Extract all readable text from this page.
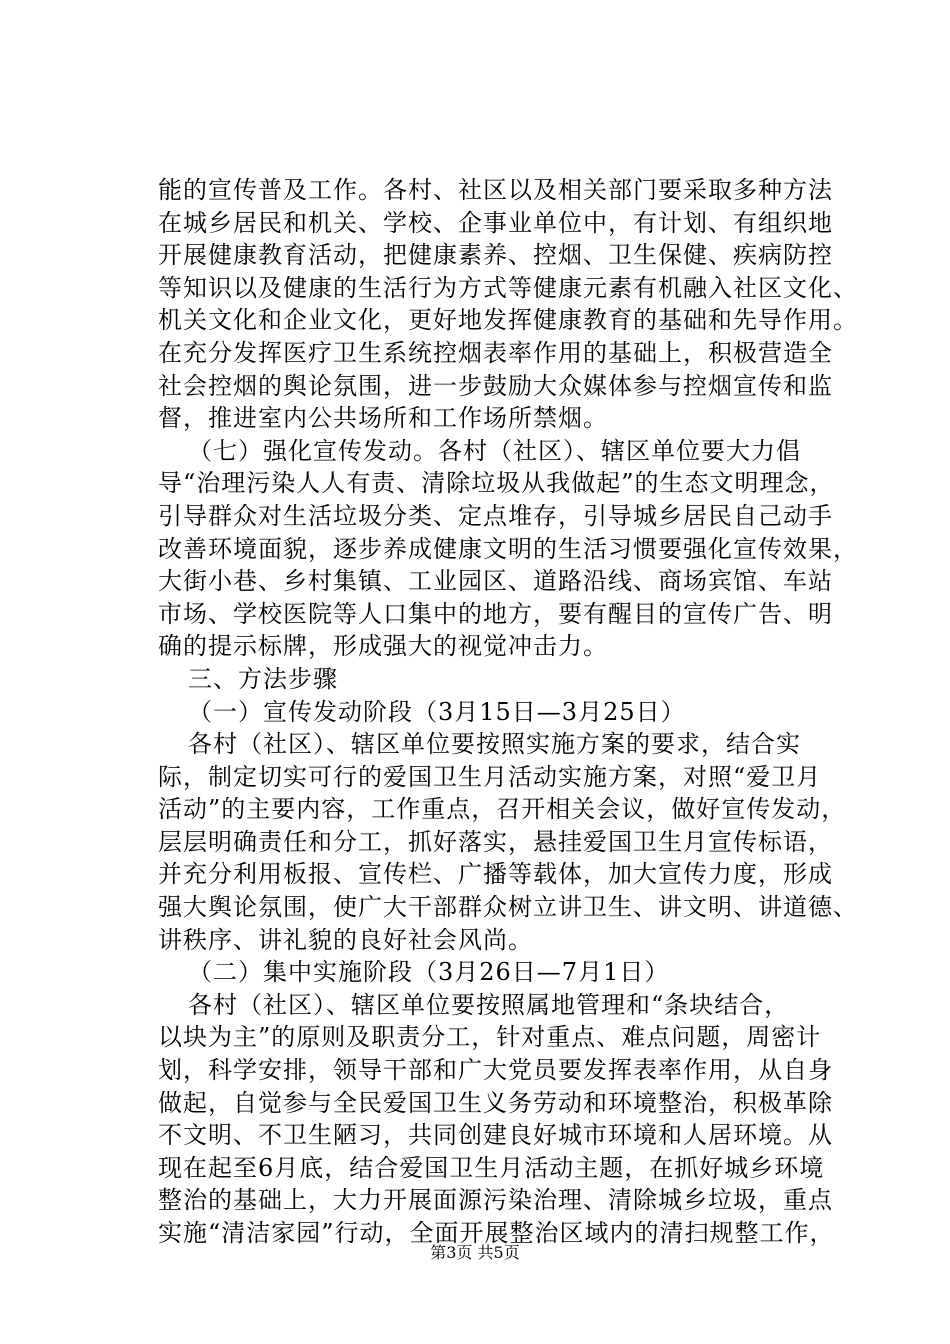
能的宣传普及工作。各村、社区以及相关部门要采取多种方法
在城乡居民和机关、学校、企事业单位中，有计划、有组织地
开展健康教育活动，把健康素养、控烟、卫生保健、疾病防控
等知识以及健康的生活行为方式等健康元素有机融入社区文化、
机关文化和企业文化，更好地发挥健康教育的基础和先导作用。
在充分发挥医疗卫生系统控烟表率作用的基础上，积极营造全
社会控烟的舆论氛围，进一步鼓励大众媒体参与控烟宣传和监
督，推进室内公共场所和工作场所禁烟。
（七）强化宣传发动。各村（社区）、辖区单位要大力倡
导“治理污染人人有责、清除垃圾从我做起”的生态文明理念，
引导群众对生活垃圾分类、定点堆存，引导城乡居民自己动手
改善环境面貌，逐步养成健康文明的生活习惯要强化宣传效果，
大街小巷、乡村集镇、工业园区、道路沿线、商场宾馆、车站
市场、学校医院等人口集中的地方，要有醒目的宣传广告、明
确的提示标牌，形成强大的视觉冲击力。
三、方法步骤
（一）宣传发动阶段（3月15日—3月25日）
各村（社区）、辖区单位要按照实施方案的要求，结合实
际，制定切实可行的爱国卫生月活动实施方案，对照“爱卫月
活动”的主要内容，工作重点，召开相关会议，做好宣传发动，
层层明确责任和分工，抓好落实，悬挂爱国卫生月宣传标语，
并充分利用板报、宣传栏、广播等载体，加大宣传力度，形成
强大舆论氛围，使广大干部群众树立讲卫生、讲文明、讲道德、
讲秩序、讲礼貌的良好社会风尚。
（二）集中实施阶段（3月26日—7月1日）
各村（社区）、辖区单位要按照属地管理和“条块结合，
以块为主”的原则及职责分工，针对重点、难点问题，周密计
划，科学安排，领导干部和广大党员要发挥表率作用，从自身
做起，自觉参与全民爱国卫生义务劳动和环境整治，积极革除
不文明、不卫生陋习，共同创建良好城市环境和人居环境。从
现在起至6月底，结合爱国卫生月活动主题，在抓好城乡环境
整治的基础上，大力开展面源污染治理、清除城乡垃圾，重点
实施“清洁家园”行动，全面开展整治区域内的清扫规整工作，
第3页 共5页
